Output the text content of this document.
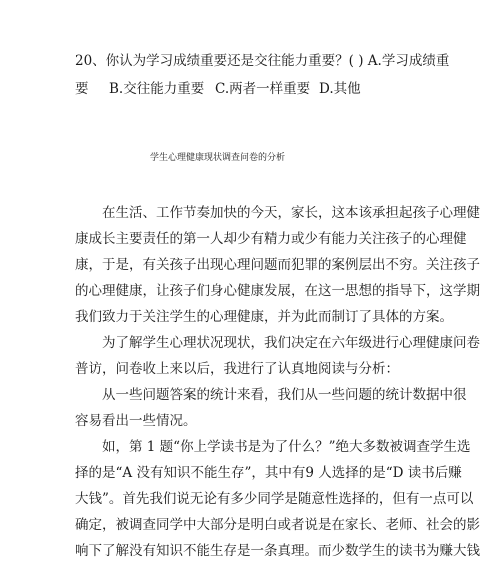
20、你认为学习成绩重要还是交往能力重要？( ) A.学习成绩重
要 B.交往能力重要 C.两者一样重要 D.其他
学生心理健康现状调查问卷的分析
在生活、工作节奏加快的今天，家长，这本该承担起孩子心理健
康成长主要责任的第一人却少有精力或少有能力关注孩子的心理健
康，于是，有关孩子出现心理问题而犯罪的案例层出不穷。关注孩子
的心理健康，让孩子们身心健康发展，在这一思想的指导下，这学期
我们致力于关注学生的心理健康，并为此而制订了具体的方案。
为了解学生心理状况现状，我们决定在六年级进行心理健康问卷
普访，问卷收上来以后，我进行了认真地阅读与分析：
从一些问题答案的统计来看，我们从一些问题的统计数据中很
容易看出一些情况。
如，第 1 题“你上学读书是为了什么？”绝大多数被调查学生选
择的是“A 没有知识不能生存”，其中有9 人选择的是“D 读书后赚
大钱”。首先我们说无论有多少同学是随意性选择的，但有一点可以
确定，被调查同学中大部分是明白或者说是在家长、老师、社会的影
响下了解没有知识不能生存是一条真理。而少数学生的读书为赚大钱
